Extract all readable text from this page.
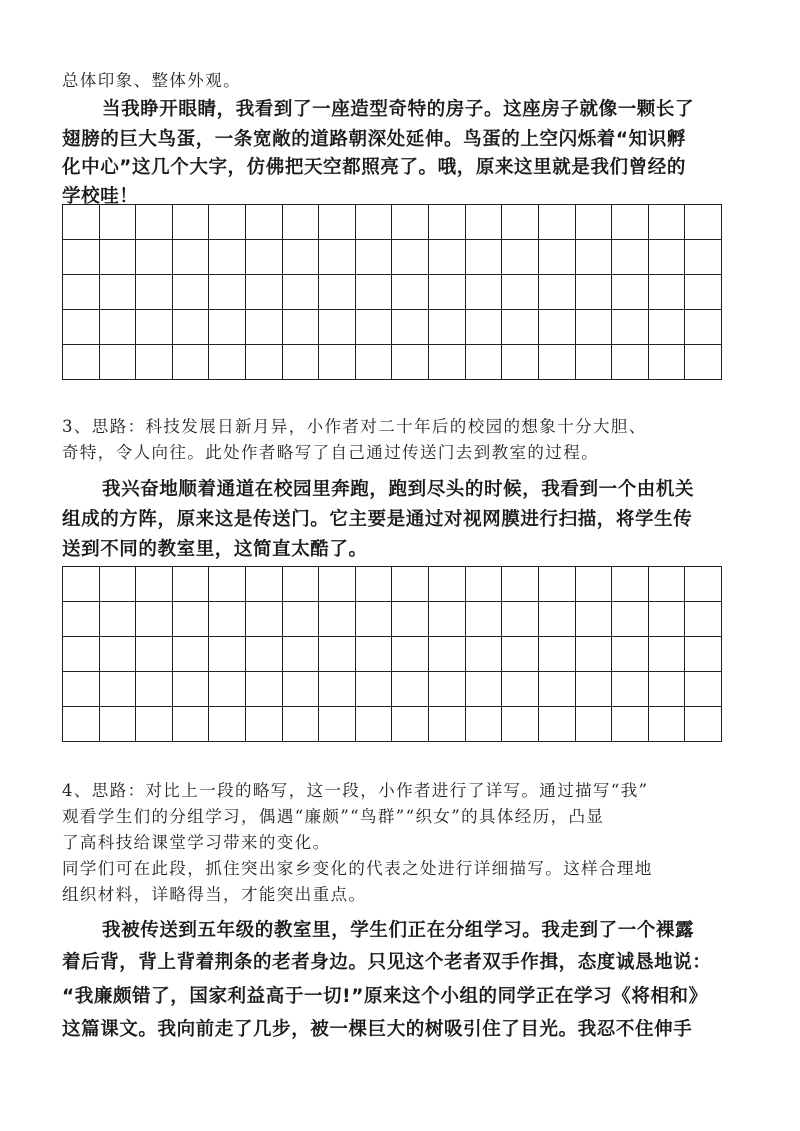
总体印象、整体外观。
当我睁开眼睛，我看到了一座造型奇特的房子。这座房子就像一颗长了
翅膀的巨大鸟蛋，一条宽敞的道路朝深处延伸。鸟蛋的上空闪烁着“知识孵
化中心”这几个大字，仿佛把天空都照亮了。哦，原来这里就是我们曾经的
学校哇！
3、思路：科技发展日新月异，小作者对二十年后的校园的想象十分大胆、
奇特，令人向往。此处作者略写了自己通过传送门去到教室的过程。
我兴奋地顺着通道在校园里奔跑，跑到尽头的时候，我看到一个由机关
组成的方阵，原来这是传送门。它主要是通过对视网膜进行扫描，将学生传
送到不同的教室里，这简直太酷了。
4、思路：对比上一段的略写，这一段，小作者进行了详写。通过描写“我”
观看学生们的分组学习，偶遇“廉颇”“鸟群”“织女”的具体经历，凸显
了高科技给课堂学习带来的变化。
同学们可在此段，抓住突出家乡变化的代表之处进行详细描写。这样合理地
组织材料，详略得当，才能突出重点。
我被传送到五年级的教室里，学生们正在分组学习。我走到了一个裸露
着后背，背上背着荆条的老者身边。只见这个老者双手作揖，态度诚恳地说：
“我廉颇错了，国家利益高于一切!”原来这个小组的同学正在学习《将相和》
这篇课文。我向前走了几步，被一棵巨大的树吸引住了目光。我忍不住伸手
